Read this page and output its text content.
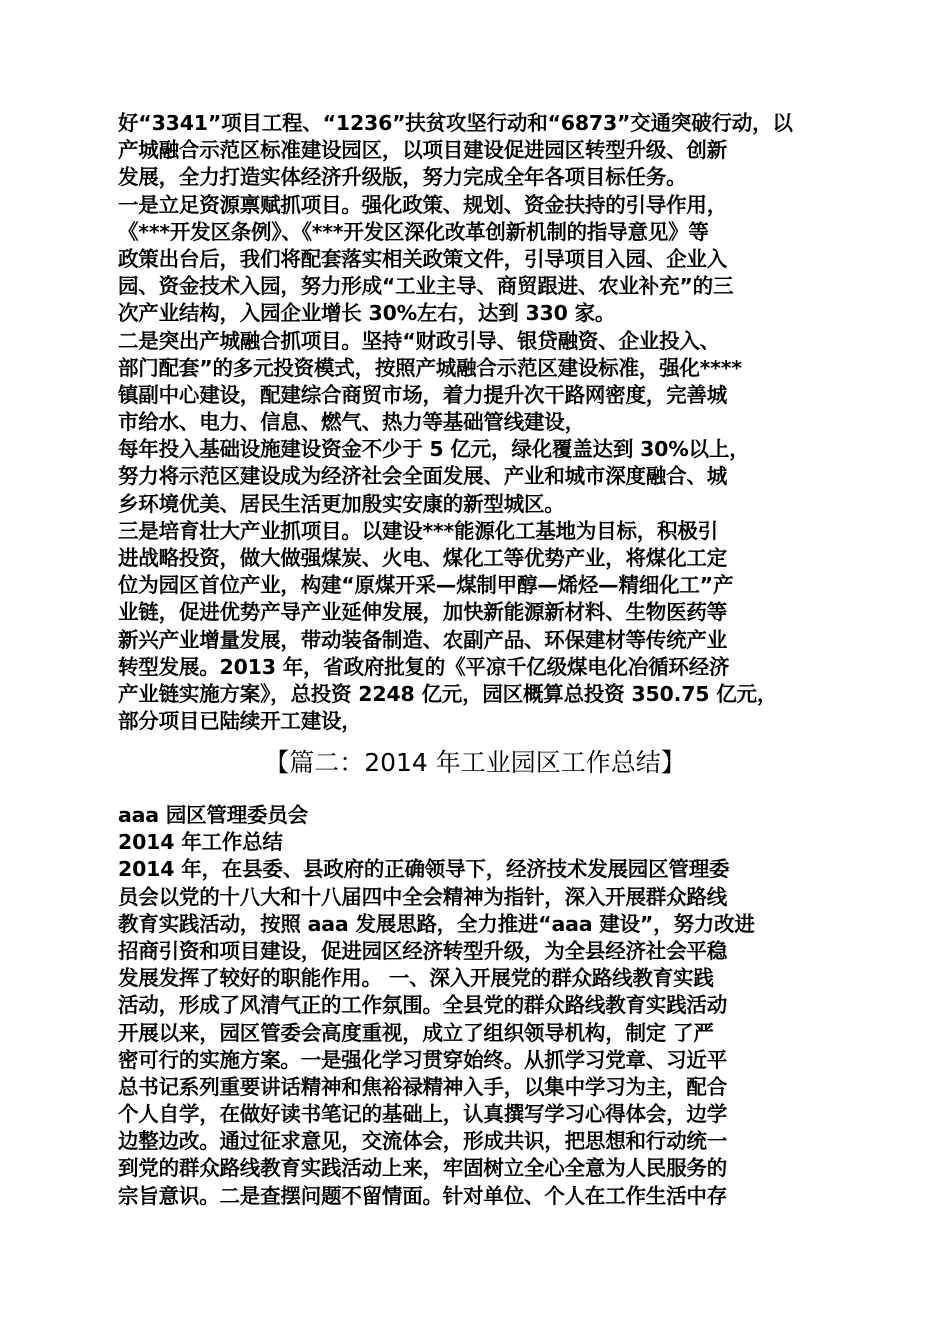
好“3341”项目工程、“1236”扶贫攻坚行动和“6873”交通突破行动，以
产城融合示范区标准建设园区，以项目建设促进园区转型升级、创新
发展，全力打造实体经济升级版，努力完成全年各项目标任务。
一是立足资源禀赋抓项目。强化政策、规划、资金扶持的引导作用，
《***开发区条例》、《***开发区深化改革创新机制的指导意见》等
政策出台后，我们将配套落实相关政策文件，引导项目入园、企业入
园、资金技术入园，努力形成“工业主导、商贸跟进、农业补充”的三
次产业结构，入园企业增长 30%左右，达到 330 家。
二是突出产城融合抓项目。坚持“财政引导、银贷融资、企业投入、
部门配套”的多元投资模式，按照产城融合示范区建设标准，强化****
镇副中心建设，配建综合商贸市场，着力提升次干路网密度，完善城
市给水、电力、信息、燃气、热力等基础管线建设，
每年投入基础设施建设资金不少于 5 亿元，绿化覆盖达到 30%以上，
努力将示范区建设成为经济社会全面发展、产业和城市深度融合、城
乡环境优美、居民生活更加殷实安康的新型城区。
三是培育壮大产业抓项目。以建设***能源化工基地为目标，积极引
进战略投资，做大做强煤炭、火电、煤化工等优势产业，将煤化工定
位为园区首位产业，构建“原煤开采—煤制甲醇—烯烃—精细化工”产
业链，促进优势产导产业延伸发展，加快新能源新材料、生物医药等
新兴产业增量发展，带动装备制造、农副产品、环保建材等传统产业
转型发展。2013 年，省政府批复的《平凉千亿级煤电化冶循环经济
产业链实施方案》，总投资 2248 亿元，园区概算总投资 350.75 亿元，
部分项目已陆续开工建设，
【篇二：2014 年工业园区工作总结】
aaa 园区管理委员会
2014 年工作总结
2014 年，在县委、县政府的正确领导下，经济技术发展园区管理委
员会以党的十八大和十八届四中全会精神为指针，深入开展群众路线
教育实践活动，按照 aaa 发展思路，全力推进“aaa 建设”，努力改进
招商引资和项目建设，促进园区经济转型升级，为全县经济社会平稳
发展发挥了较好的职能作用。 一、深入开展党的群众路线教育实践
活动，形成了风清气正的工作氛围。全县党的群众路线教育实践活动
开展以来，园区管委会高度重视，成立了组织领导机构，制定 了严
密可行的实施方案。一是强化学习贯穿始终。从抓学习党章、习近平
总书记系列重要讲话精神和焦裕禄精神入手，以集中学习为主，配合
个人自学，在做好读书笔记的基础上，认真撰写学习心得体会，边学
边整边改。通过征求意见，交流体会，形成共识，把思想和行动统一
到党的群众路线教育实践活动上来，牢固树立全心全意为人民服务的
宗旨意识。二是查摆问题不留情面。针对单位、个人在工作生活中存
